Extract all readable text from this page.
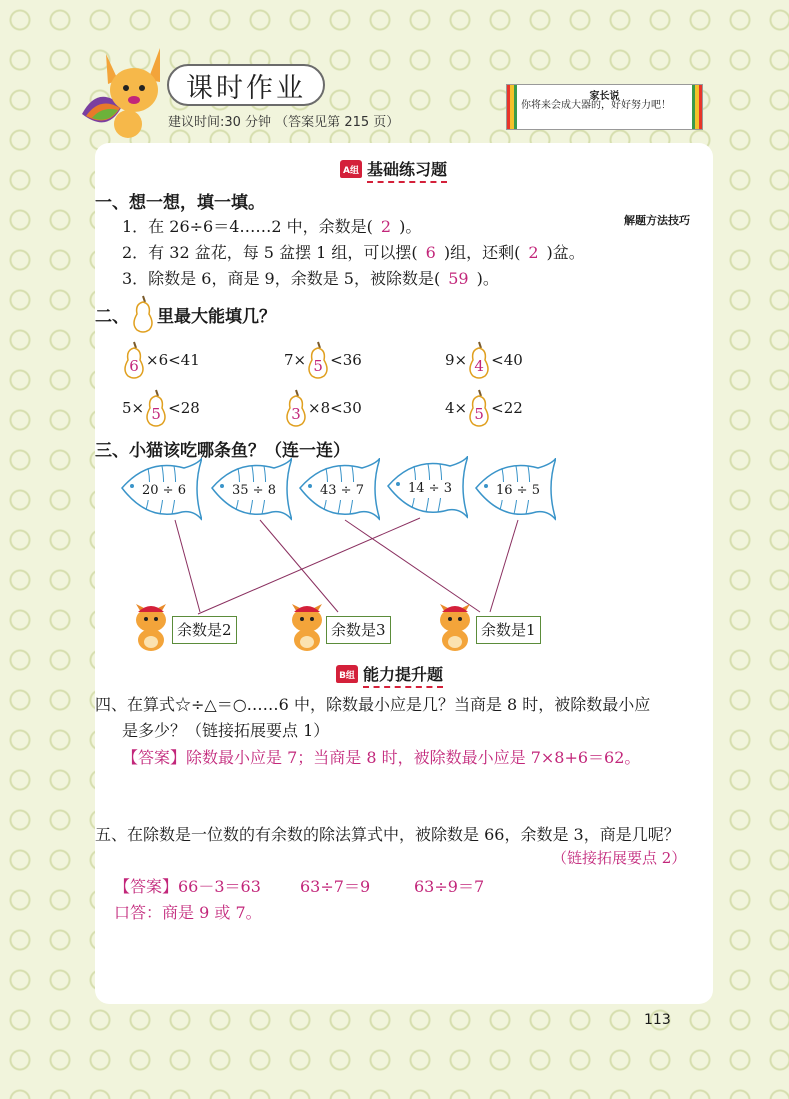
课时作业
建议时间:30 分钟 （答案见第 215 页）
家长说
你将来会成大器的，好好努力吧！
A组 基础练习题
一、想一想，填一填。
解题方法技巧
1．在 26÷6＝4……2 中，余数是( 2 )。
2．有 32 盆花，每 5 盆摆 1 组，可以摆( 6 )组，还剩( 2 )盆。
3．除数是 6，商是 9，余数是 5，被除数是( 59 )。
二、 里最大能填几？
6 ×6<41	7× 5 <36	9× 4 <40
5× 5 <28	3 ×8<30	4× 5 <22
三、小猫该吃哪条鱼？（连一连）
20 ÷ 6	35 ÷ 8	43 ÷ 7	14 ÷ 3	16 ÷ 5
余数是2	余数是3	余数是1
B组 能力提升题
四、在算式☆÷△＝○……6 中，除数最小应是几？当商是 8 时，被除数最小应
是多少？（链接拓展要点 1）
【答案】除数最小应是 7；当商是 8 时，被除数最小应是 7×8+6＝62。
五、在除数是一位数的有余数的除法算式中，被除数是 66，余数是 3，商是几呢？
（链接拓展要点 2）
【答案】66－3＝63 63÷7＝9	63÷9＝7
口答：商是 9 或 7。
113
